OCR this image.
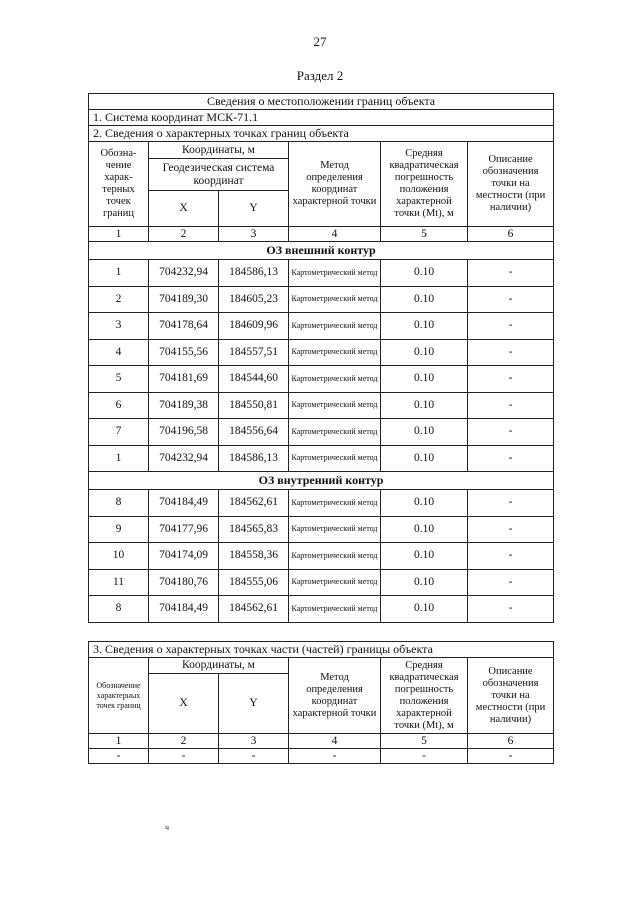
27
Раздел 2
Сведения о местоположении границ объекта					
1. Система координат МСК-71.1					
2. Сведения о характерных точках границ объекта					
Обозна-чение харак-терных точек границ	Координаты, м		Метод определения координат характерной точки	Средняя квадратическая погрешность положения характерной точки (Mt), м	Описание обозначения точки на местности (при наличии)
	Геодезическая система координат				
	X	Y			
1	2	3	4	5	6
ОЗ внешний контур					
1	704232,94	184586,13	Картометрический метод	0.10	-
2	704189,30	184605,23	Картометрический метод	0.10	-
3	704178,64	184609,96	Картометрический метод	0.10	-
4	704155,56	184557,51	Картометрический метод	0.10	-
5	704181,69	184544,60	Картометрический метод	0.10	-
6	704189,38	184550,81	Картометрический метод	0.10	-
7	704196,58	184556,64	Картометрический метод	0.10	-
1	704232,94	184586,13	Картометрический метод	0.10	-
ОЗ внутренний контур					
8	704184,49	184562,61	Картометрический метод	0.10	-
9	704177,96	184565,83	Картометрический метод	0.10	-
10	704174,09	184558,36	Картометрический метод	0.10	-
11	704180,76	184555,06	Картометрический метод	0.10	-
8	704184,49	184562,61	Картометрический метод	0.10	-
3. Сведения о характерных точках части (частей) границы объекта					
Обозначение характерных точек границ	Координаты, м		Метод определения координат характерной точки	Средняя квадратическая погрешность положения характерной точки (Mt), м	Описание обозначения точки на местности (при наличии)
	X	Y			
1	2	3	4	5	6
-	-	-	-	-	-
ч
